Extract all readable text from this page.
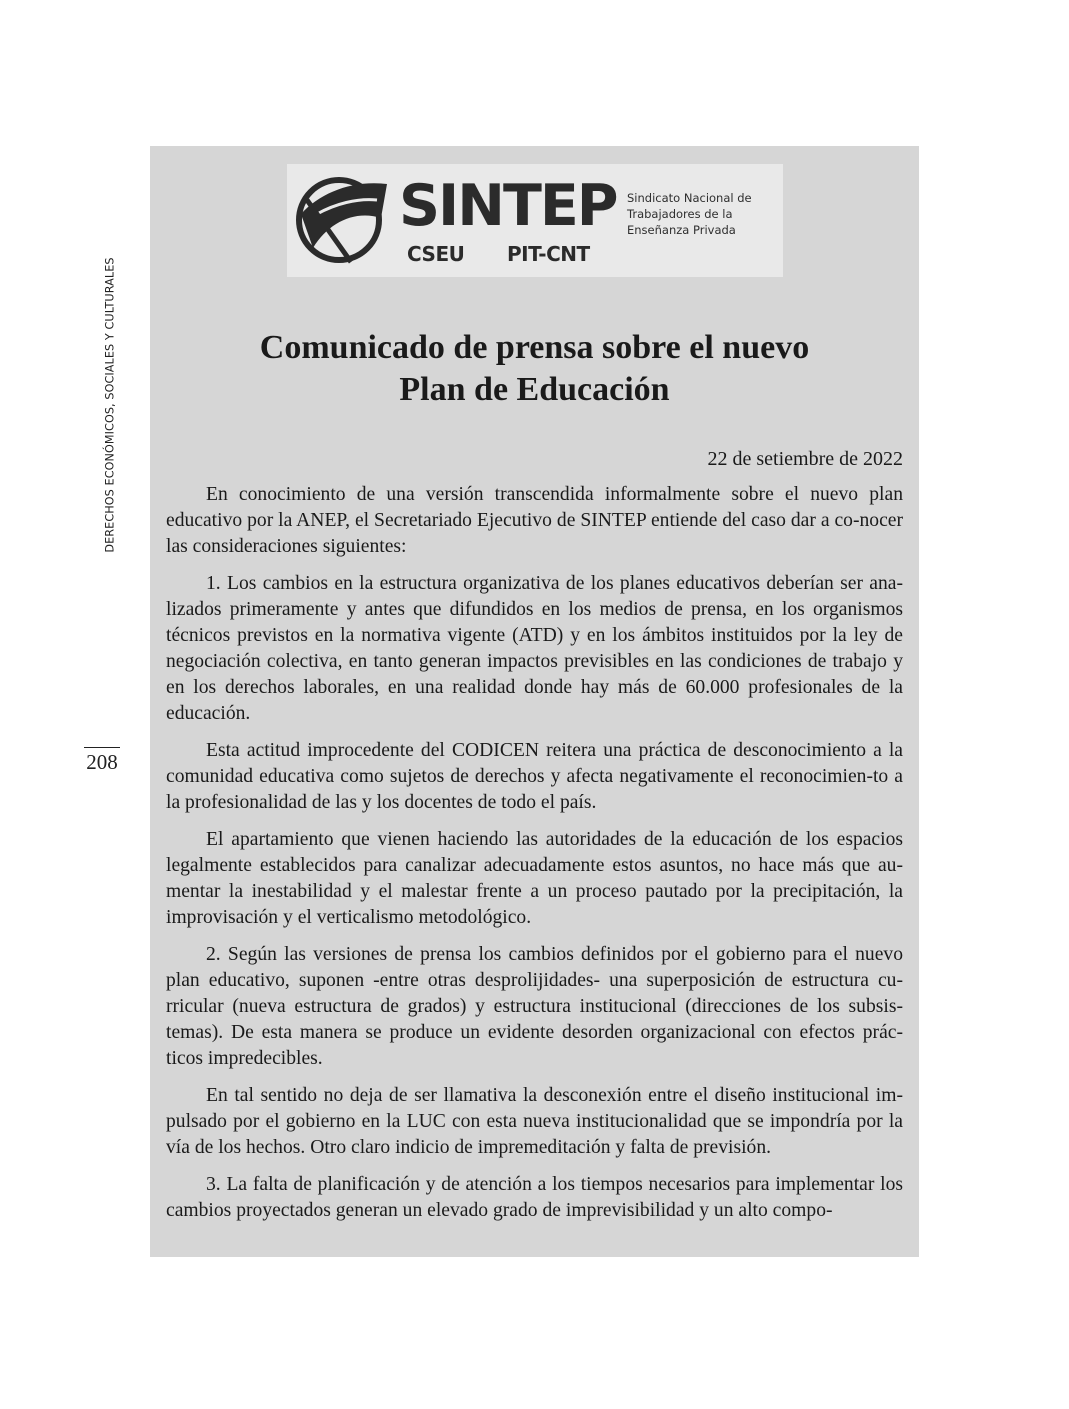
DERECHOS ECONÓMICOS, SOCIALES Y CULTURALES
208
SINTEP
CSEU PIT-CNT
Sindicato Nacional de
Trabajadores de la
Enseñanza Privada
Comunicado de prensa sobre el nuevo
Plan de Educación
22 de setiembre de 2022

En conocimiento de una versión transcendida informalmente sobre el nuevo plan educativo por la ANEP, el Secretariado Ejecutivo de SINTEP entiende del caso dar a co-nocer las consideraciones siguientes:

1. Los cambios en la estructura organizativa de los planes educativos deberían ser ana-lizados primeramente y antes que difundidos en los medios de prensa, en los organismos técnicos previstos en la normativa vigente (ATD) y en los ámbitos instituidos por la ley de negociación colectiva, en tanto generan impactos previsibles en las condiciones de trabajo y en los derechos laborales, en una realidad donde hay más de 60.000 profesionales de la educación.

Esta actitud improcedente del CODICEN reitera una práctica de desconocimiento a la comunidad educativa como sujetos de derechos y afecta negativamente el reconocimien-to a la profesionalidad de las y los docentes de todo el país.

El apartamiento que vienen haciendo las autoridades de la educación de los espacios legalmente establecidos para canalizar adecuadamente estos asuntos, no hace más que au-mentar la inestabilidad y el malestar frente a un proceso pautado por la precipitación, la improvisación y el verticalismo metodológico.

2. Según las versiones de prensa los cambios definidos por el gobierno para el nuevo plan educativo, suponen -entre otras desprolijidades- una superposición de estructura cu-rricular (nueva estructura de grados) y estructura institucional (direcciones de los subsis-temas). De esta manera se produce un evidente desorden organizacional con efectos prác-ticos impredecibles.

En tal sentido no deja de ser llamativa la desconexión entre el diseño institucional im-pulsado por el gobierno en la LUC con esta nueva institucionalidad que se impondría por la vía de los hechos. Otro claro indicio de impremeditación y falta de previsión.

3. La falta de planificación y de atención a los tiempos necesarios para implementar los cambios proyectados generan un elevado grado de imprevisibilidad y un alto compo-
